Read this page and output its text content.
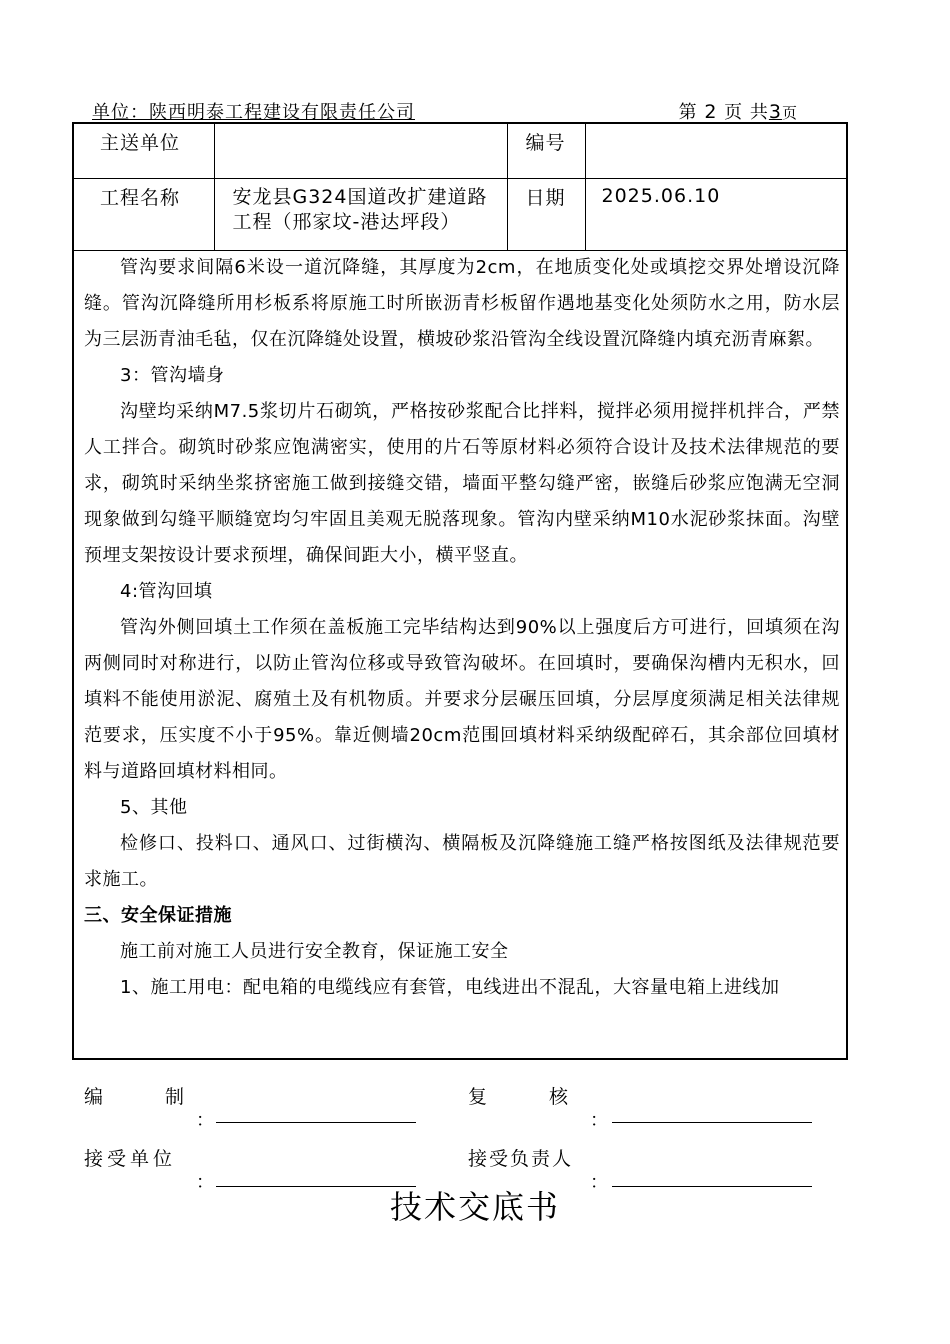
单位：陕西明泰工程建设有限责任公司	第 2 页 共3页
主送单位		编号	
工程名称	安龙县G324国道改扩建道路工程（邢家坟-港达坪段）	日期	2025.06.10

管沟要求间隔6米设一道沉降缝，其厚度为2cm，在地质变化处或填挖交界处增设沉降缝。管沟沉降缝所用杉板系将原施工时所嵌沥青杉板留作遇地基变化处须防水之用，防水层为三层沥青油毛毡，仅在沉降缝处设置，横坡砂浆沿管沟全线设置沉降缝内填充沥青麻絮。

3：管沟墙身

沟壁均采纳M7.5浆切片石砌筑，严格按砂浆配合比拌料，搅拌必须用搅拌机拌合，严禁人工拌合。砌筑时砂浆应饱满密实，使用的片石等原材料必须符合设计及技术法律规范的要求，砌筑时采纳坐浆挤密施工做到接缝交错，墙面平整勾缝严密，嵌缝后砂浆应饱满无空洞现象做到勾缝平顺缝宽均匀牢固且美观无脱落现象。管沟内壁采纳M10水泥砂浆抹面。沟壁预埋支架按设计要求预埋，确保间距大小，横平竖直。

4:管沟回填

管沟外侧回填土工作须在盖板施工完毕结构达到90%以上强度后方可进行，回填须在沟两侧同时对称进行，以防止管沟位移或导致管沟破坏。在回填时，要确保沟槽内无积水，回填料不能使用淤泥、腐殖土及有机物质。并要求分层碾压回填，分层厚度须满足相关法律规范要求，压实度不小于95%。靠近侧墙20cm范围回填材料采纳级配碎石，其余部位回填材料与道路回填材料相同。

5、其他

检修口、投料口、通风口、过街横沟、横隔板及沉降缝施工缝严格按图纸及法律规范要求施工。

三、安全保证措施

施工前对施工人员进行安全教育，保证施工安全

1、施工用电：配电箱的电缆线应有套管，电线进出不混乱，大容量电箱上进线加

编　　制
：
复　　核
：
接受单位
：
接受负责人
：
技术交底书
